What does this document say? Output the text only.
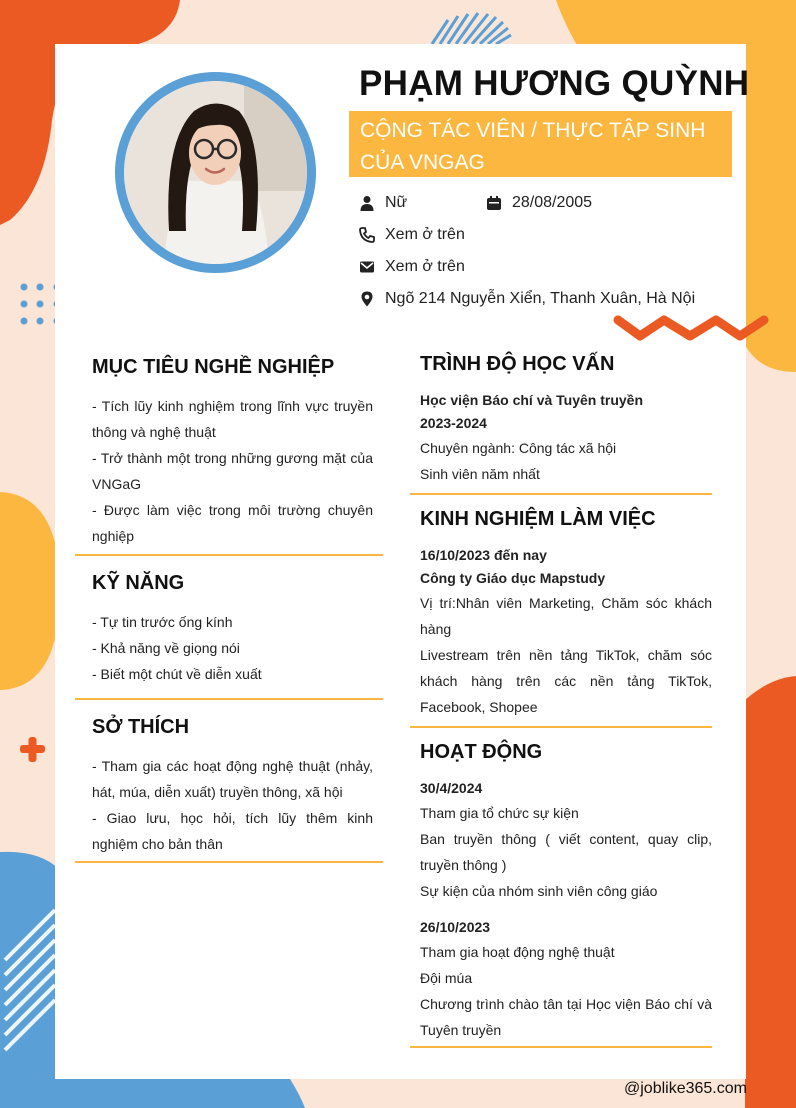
PHẠM HƯƠNG QUỲNH
CỘNG TÁC VIÊN / THỰC TẬP SINH
CỦA VNGAG
Nữ	28/08/2005
Xem ở trên
Xem ở trên
Ngõ 214 Nguyễn Xiển, Thanh Xuân, Hà Nội
MỤC TIÊU NGHỀ NGHIỆP

- Tích lũy kinh nghiệm trong lĩnh vực truyền thông và nghệ thuật

- Trở thành một trong những gương mặt của VNGaG

- Được làm việc trong môi trường chuyên nghiệp

KỸ NĂNG

- Tự tin trước ống kính

- Khả năng về giọng nói

- Biết một chút về diễn xuất

SỞ THÍCH

- Tham gia các hoạt động nghệ thuật (nhảy, hát, múa, diễn xuất) truyền thông, xã hội

- Giao lưu, học hỏi, tích lũy thêm kinh nghiệm cho bản thân

TRÌNH ĐỘ HỌC VẤN

Học viện Báo chí và Tuyên truyền

2023-2024

Chuyên ngành: Công tác xã hội

Sinh viên năm nhất

KINH NGHIỆM LÀM VIỆC

16/10/2023 đến nay

Công ty Giáo dục Mapstudy

Vị trí:Nhân viên Marketing, Chăm sóc khách hàng

Livestream trên nền tảng TikTok, chăm sóc khách hàng trên các nền tảng TikTok, Facebook, Shopee

HOẠT ĐỘNG

30/4/2024

Tham gia tổ chức sự kiện

Ban truyền thông ( viết content, quay clip, truyền thông )

Sự kiện của nhóm sinh viên công giáo

26/10/2023

Tham gia hoạt động nghệ thuật

Đội múa

Chương trình chào tân tại Học viện Báo chí và Tuyên truyền

@joblike365.com
